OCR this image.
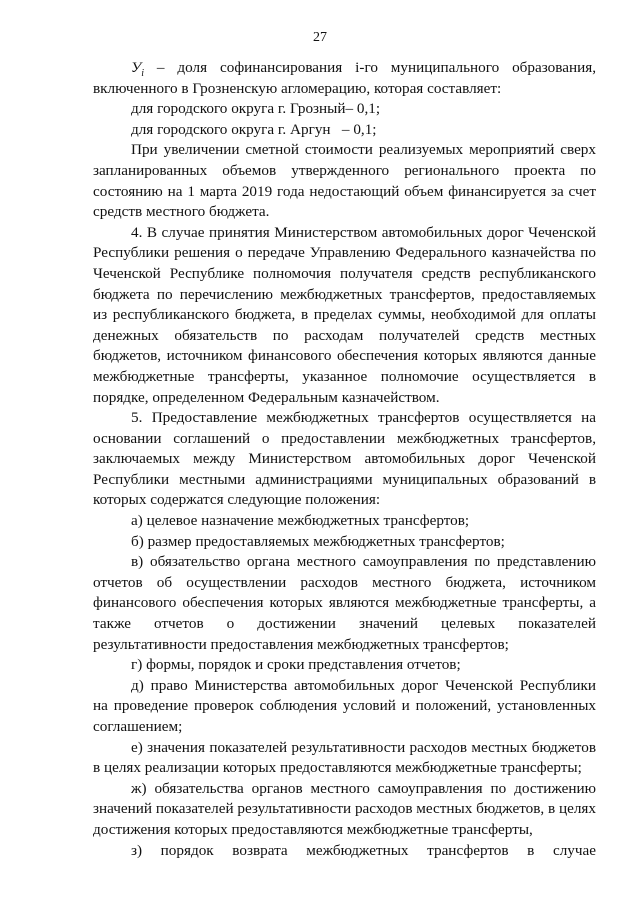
27

$У_i$ – доля софинансирования i-го муниципального образования, включенного в Грозненскую агломерацию, которая составляет:

для городского округа г. Грозный– 0,1;

для городского округа г. Аргун   – 0,1;

При увеличении сметной стоимости реализуемых мероприятий сверх запланированных объемов утвержденного регионального проекта по состоянию на 1 марта 2019 года недостающий объем финансируется за счет средств местного бюджета.

4. В случае принятия Министерством автомобильных дорог Чеченской Республики решения о передаче Управлению Федерального казначейства по Чеченской Республике полномочия получателя средств республиканского бюджета по перечислению межбюджетных трансфертов, предоставляемых из республиканского бюджета, в пределах суммы, необходимой для оплаты денежных обязательств по расходам получателей средств местных бюджетов, источником финансового обеспечения которых являются данные межбюджетные трансферты, указанное полномочие осуществляется в порядке, определенном Федеральным казначейством.

5. Предоставление межбюджетных трансфертов осуществляется на основании соглашений о предоставлении межбюджетных трансфертов, заключаемых между Министерством автомобильных дорог Чеченской Республики местными администрациями муниципальных образований в которых содержатся следующие положения:

а) целевое назначение межбюджетных трансфертов;

б) размер предоставляемых межбюджетных трансфертов;

в) обязательство органа местного самоуправления по представлению отчетов об осуществлении расходов местного бюджета, источником финансового обеспечения которых являются межбюджетные трансферты, а также отчетов о достижении значений целевых показателей результативности предоставления межбюджетных трансфертов;

г) формы, порядок и сроки представления отчетов;

д) право Министерства автомобильных дорог Чеченской Республики на проведение проверок соблюдения условий и положений, установленных соглашением;

е) значения показателей результативности расходов местных бюджетов в целях реализации которых предоставляются межбюджетные трансферты;

ж) обязательства органов местного самоуправления по достижению значений показателей результативности расходов местных бюджетов, в целях достижения которых предоставляются межбюджетные трансферты,

з) порядок возврата межбюджетных трансфертов в случае
